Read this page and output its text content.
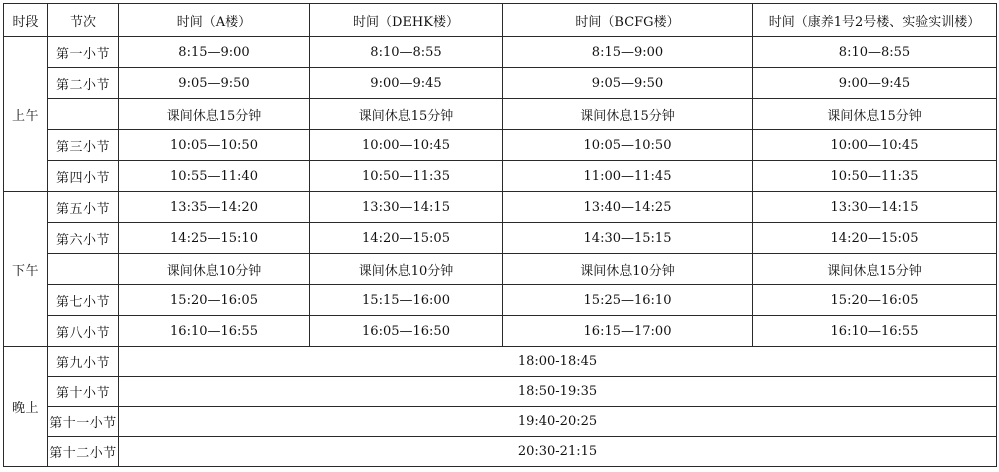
时段	节次	时间（A楼）	时间（DEHK楼）	时间（BCFG楼）	时间（康养1号2号楼、实验实训楼）
上午	第一小节	8:15—9:00	8:10—8:55	8:15—9:00	8:10—8:55
	第二小节	9:05—9:50	9:00—9:45	9:05—9:50	9:00—9:45
		课间休息15分钟	课间休息15分钟	课间休息15分钟	课间休息15分钟
	第三小节	10:05—10:50	10:00—10:45	10:05—10:50	10:00—10:45
	第四小节	10:55—11:40	10:50—11:35	11:00—11:45	10:50—11:35
下午	第五小节	13:35—14:20	13:30—14:15	13:40—14:25	13:30—14:15
	第六小节	14:25—15:10	14:20—15:05	14:30—15:15	14:20—15:05
		课间休息10分钟	课间休息10分钟	课间休息10分钟	课间休息15分钟
	第七小节	15:20—16:05	15:15—16:00	15:25—16:10	15:20—16:05
	第八小节	16:10—16:55	16:05—16:50	16:15—17:00	16:10—16:55
晚上	第九小节	18:00-18:45			
	第十小节	18:50-19:35			
	第十一小节	19:40-20:25			
	第十二小节	20:30-21:15			
